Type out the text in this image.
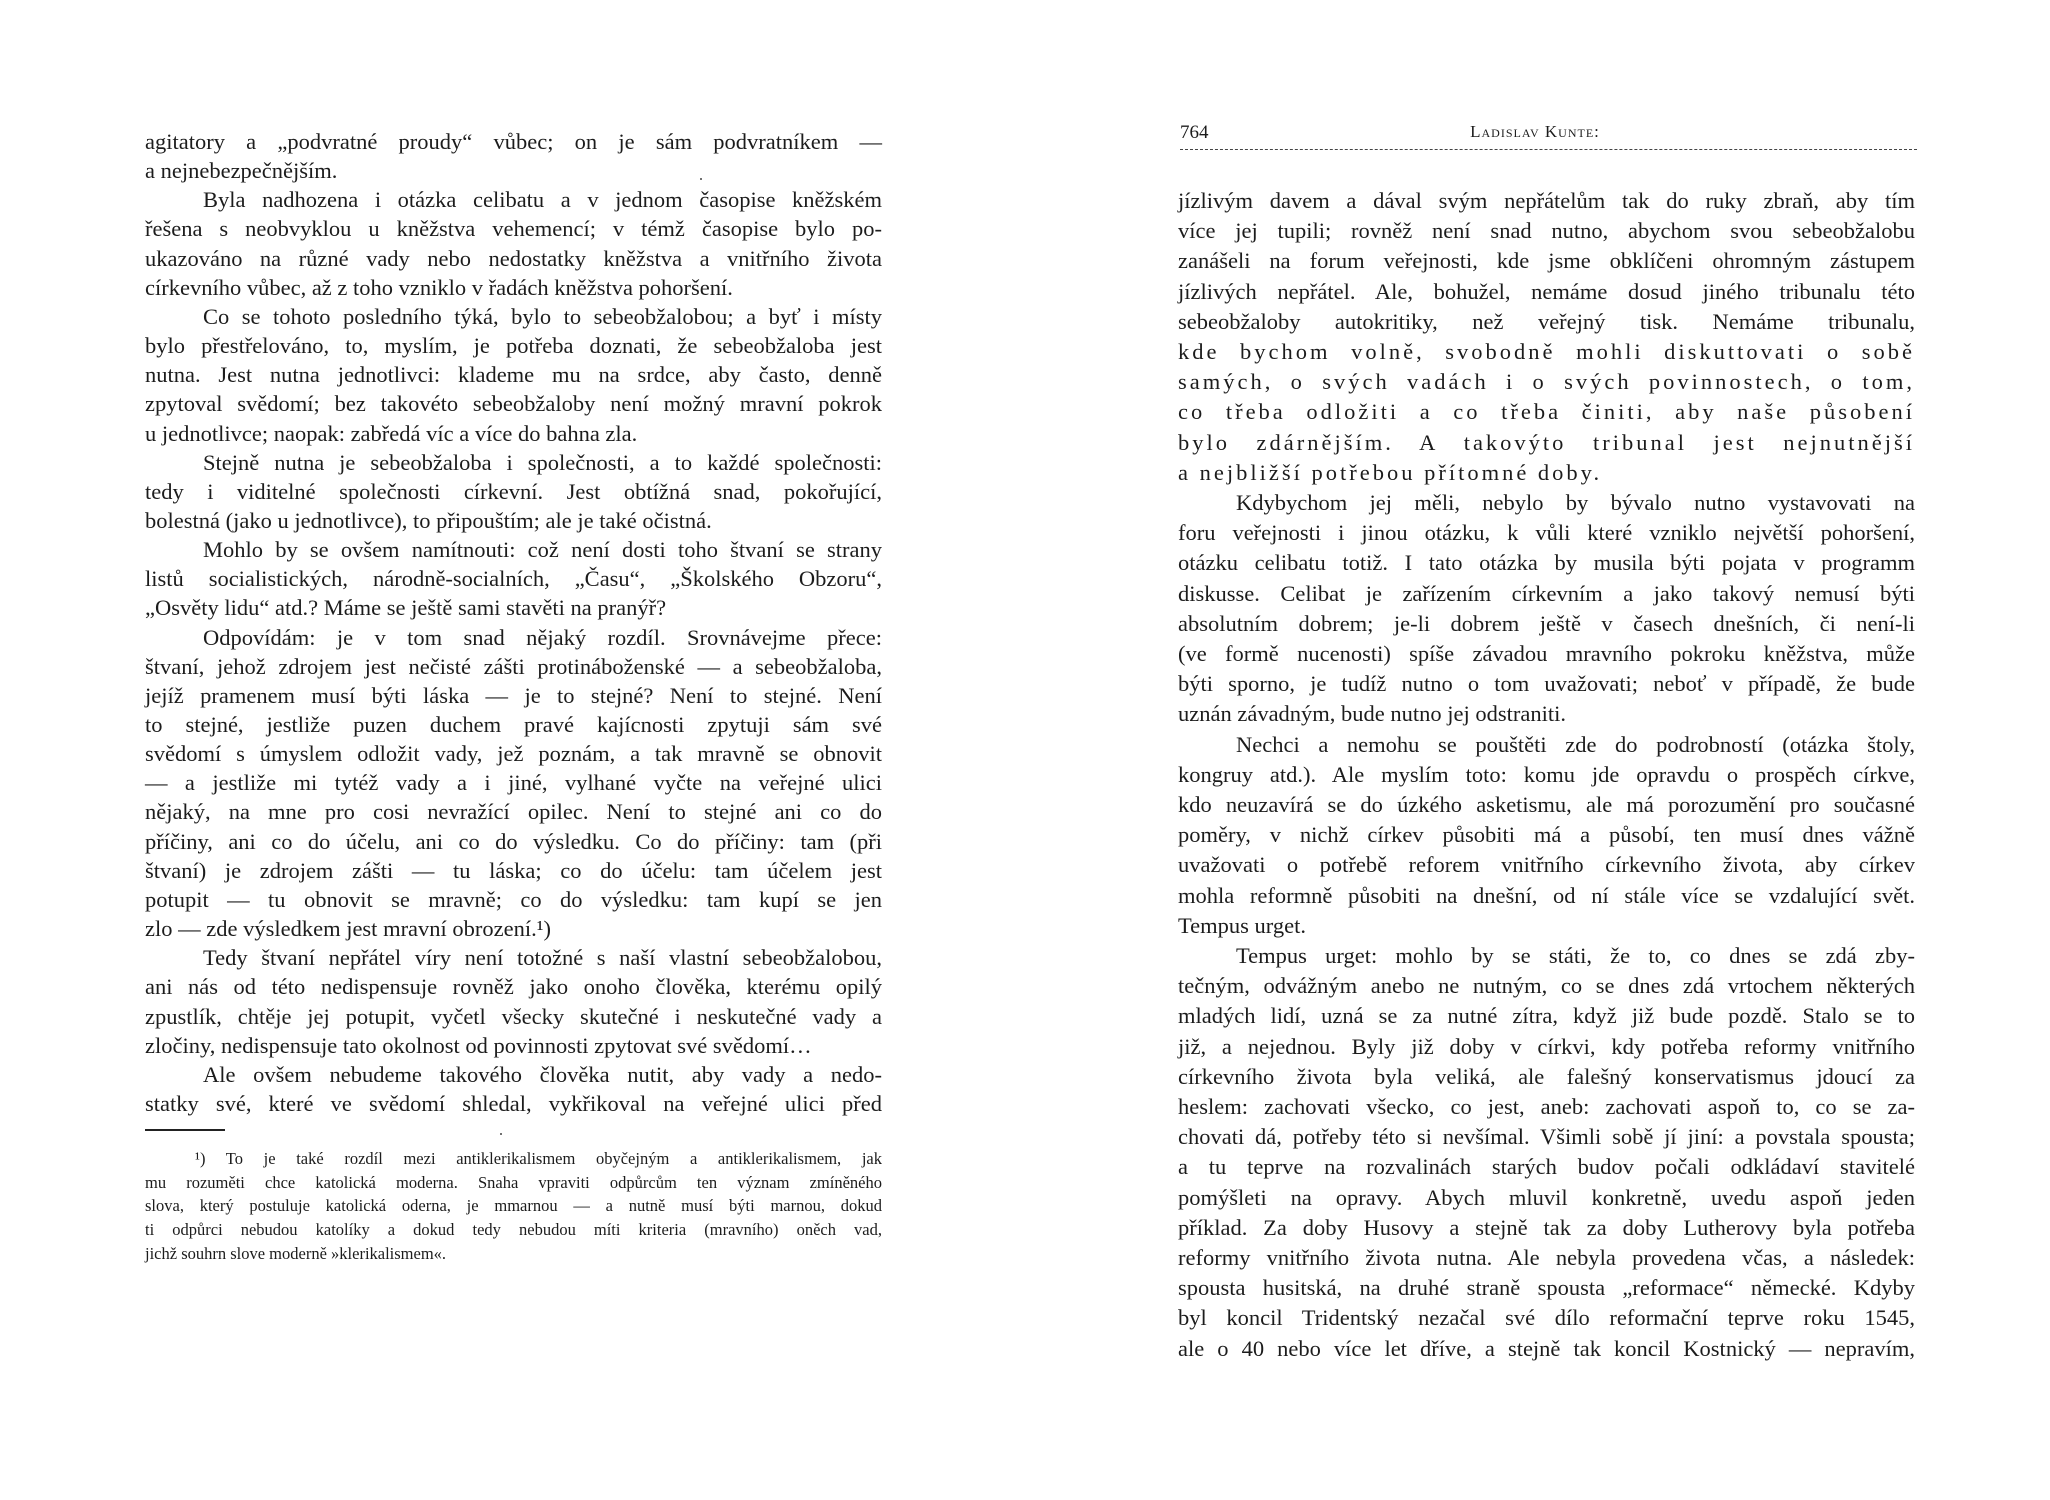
agitatory a „podvratné proudy“ vůbec; on je sám podvratníkem —
a nejnebezpečnějším.
Byla nadhozena i otázka celibatu a v jednom časopise kněžském
řešena s neobvyklou u kněžstva vehemencí; v témž časopise bylo po-
ukazováno na různé vady nebo nedostatky kněžstva a vnitřního života
církevního vůbec, až z toho vzniklo v řadách kněžstva pohoršení.
Co se tohoto posledního týká, bylo to sebeobžalobou; a byť i místy
bylo přestřelováno, to, myslím, je potřeba doznati, že sebeobžaloba jest
nutna. Jest nutna jednotlivci: klademe mu na srdce, aby často, denně
zpytoval svědomí; bez takovéto sebeobžaloby není možný mravní pokrok
u jednotlivce; naopak: zabředá víc a více do bahna zla.
Stejně nutna je sebeobžaloba i společnosti, a to každé společnosti:
tedy i viditelné společnosti církevní. Jest obtížná snad, pokořující,
bolestná (jako u jednotlivce), to připouštím; ale je také očistná.
Mohlo by se ovšem namítnouti: což není dosti toho štvaní se strany
listů socialistických, národně-socialních, „Času“, „Školského Obzoru“,
„Osvěty lidu“ atd.? Máme se ještě sami stavěti na pranýř?
Odpovídám: je v tom snad nějaký rozdíl. Srovnávejme přece:
štvaní, jehož zdrojem jest nečisté zášti protináboženské — a sebeobžaloba,
jejíž pramenem musí býti láska — je to stejné? Není to stejné. Není
to stejné, jestliže puzen duchem pravé kajícnosti zpytuji sám své
svědomí s úmyslem odložit vady, jež poznám, a tak mravně se obnovit
— a jestliže mi tytéž vady a i jiné, vylhané vyčte na veřejné ulici
nějaký, na mne pro cosi nevražící opilec. Není to stejné ani co do
příčiny, ani co do účelu, ani co do výsledku. Co do příčiny: tam (při
štvaní) je zdrojem zášti — tu láska; co do účelu: tam účelem jest
potupit — tu obnovit se mravně; co do výsledku: tam kupí se jen
zlo — zde výsledkem jest mravní obrození.¹)
Tedy štvaní nepřátel víry není totožné s naší vlastní sebeobžalobou,
ani nás od této nedispensuje rovněž jako onoho člověka, kterému opilý
zpustlík, chtěje jej potupit, vyčetl všecky skutečné i neskutečné vady a
zločiny, nedispensuje tato okolnost od povinnosti zpytovat své svědomí…
Ale ovšem nebudeme takového člověka nutit, aby vady a nedo-
statky své, které ve svědomí shledal, vykřikoval na veřejné ulici před
¹) To je také rozdíl mezi antiklerikalismem obyčejným a antiklerikalismem, jak
mu rozuměti chce katolická moderna. Snaha vpraviti odpůrcům ten význam zmíněného
slova, který postuluje katolická oderna, je mmarnou — a nutně musí býti marnou, dokud
ti odpůrci nebudou katolíky a dokud tedy nebudou míti kriteria (mravního) oněch vad,
jichž souhrn slove moderně »klerikalismem«.
764	Ladislav Kunte:
jízlivým davem a dával svým nepřátelům tak do ruky zbraň, aby tím
více jej tupili; rovněž není snad nutno, abychom svou sebeobžalobu
zanášeli na forum veřejnosti, kde jsme obklíčeni ohromným zástupem
jízlivých nepřátel. Ale, bohužel, nemáme dosud jiného tribunalu této
sebeobžaloby autokritiky, než veřejný tisk. Nemáme tribunalu,
kde bychom volně, svobodně mohli diskuttovati o sobě
samých, o svých vadách i o svých povinnostech, o tom,
co třeba odložiti a co třeba činiti, aby naše působení
bylo zdárnějším. A takovýto tribunal jest nejnutnější
a nejbližší potřebou přítomné doby.
Kdybychom jej měli, nebylo by bývalo nutno vystavovati na
foru veřejnosti i jinou otázku, k vůli které vzniklo největší pohoršení,
otázku celibatu totiž. I tato otázka by musila býti pojata v programm
diskusse. Celibat je zařízením církevním a jako takový nemusí býti
absolutním dobrem; je-li dobrem ještě v časech dnešních, či není-li
(ve formě nucenosti) spíše závadou mravního pokroku kněžstva, může
býti sporno, je tudíž nutno o tom uvažovati; neboť v případě, že bude
uznán závadným, bude nutno jej odstraniti.
Nechci a nemohu se pouštěti zde do podrobností (otázka štoly,
kongruy atd.). Ale myslím toto: komu jde opravdu o prospěch církve,
kdo neuzavírá se do úzkého asketismu, ale má porozumění pro současné
poměry, v nichž církev působiti má a působí, ten musí dnes vážně
uvažovati o potřebě reforem vnitřního církevního života, aby církev
mohla reformně působiti na dnešní, od ní stále více se vzdalující svět.
Tempus urget.
Tempus urget: mohlo by se státi, že to, co dnes se zdá zby-
tečným, odvážným anebo ne nutným, co se dnes zdá vrtochem některých
mladých lidí, uzná se za nutné zítra, když již bude pozdě. Stalo se to
již, a nejednou. Byly již doby v církvi, kdy potřeba reformy vnitřního
církevního života byla veliká, ale falešný konservatismus jdoucí za
heslem: zachovati všecko, co jest, aneb: zachovati aspoň to, co se za-
chovati dá, potřeby této si nevšímal. Všimli sobě jí jiní: a povstala spousta;
a tu teprve na rozvalinách starých budov počali odkládaví stavitelé
pomýšleti na opravy. Abych mluvil konkretně, uvedu aspoň jeden
příklad. Za doby Husovy a stejně tak za doby Lutherovy byla potřeba
reformy vnitřního života nutna. Ale nebyla provedena včas, a následek:
spousta husitská, na druhé straně spousta „reformace“ německé. Kdyby
byl koncil Tridentský nezačal své dílo reformační teprve roku 1545,
ale o 40 nebo více let dříve, a stejně tak koncil Kostnický — nepravím,
